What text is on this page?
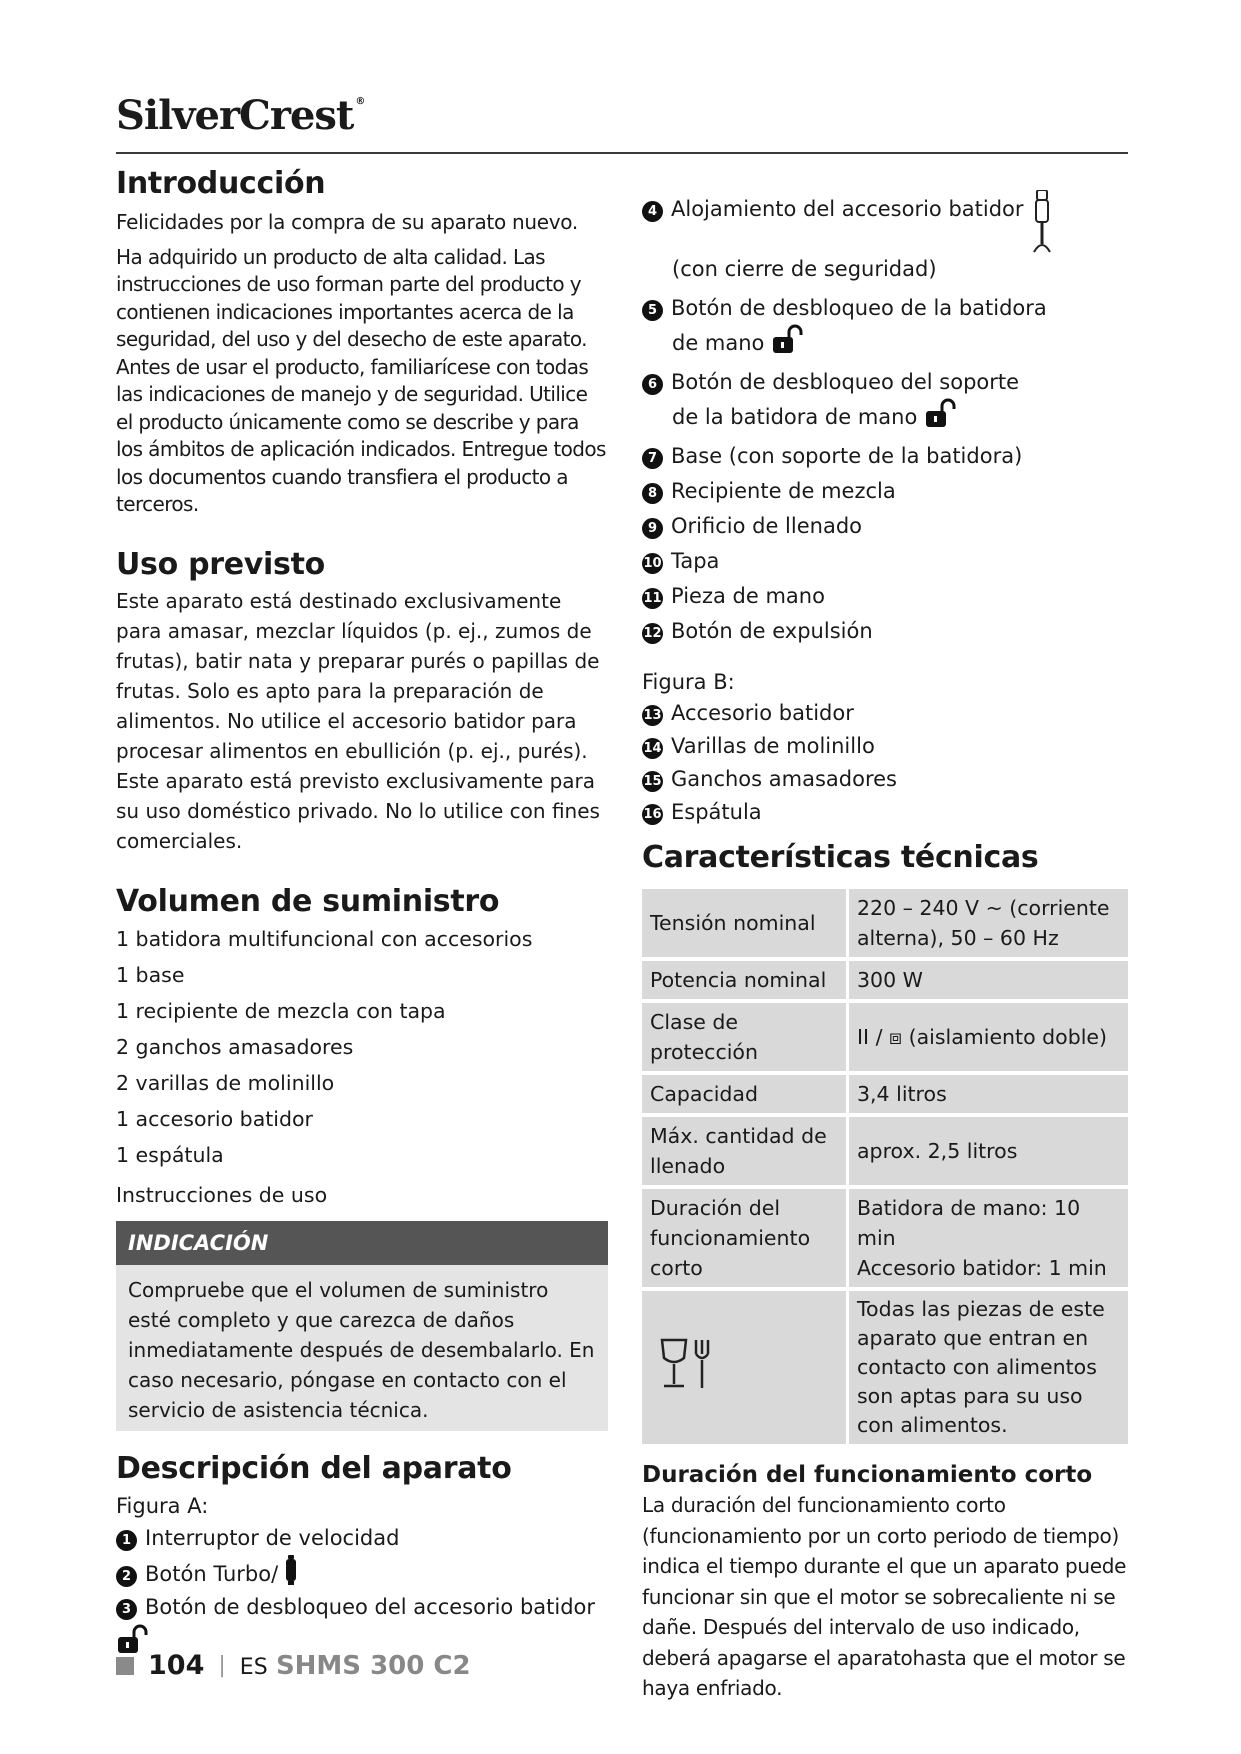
SilverCrest ®
Introducción

Felicidades por la compra de su aparato nuevo.

Ha adquirido un producto de alta calidad. Las instrucciones de uso forman parte del producto y contienen indicaciones importantes acerca de la seguridad, del uso y del desecho de este aparato. Antes de usar el producto, familiarícese con todas las indicaciones de manejo y de seguridad. Utilice el producto únicamente como se describe y para los ámbitos de aplicación indicados. Entregue todos los documentos cuando transfiera el producto a terceros.

Uso previsto

Este aparato está destinado exclusivamente para amasar, mezclar líquidos (p. ej., zumos de frutas), batir nata y preparar purés o papillas de frutas. Solo es apto para la preparación de alimentos. No utilice el accesorio batidor para procesar alimentos en ebullición (p. ej., purés). Este aparato está previsto exclusivamente para su uso doméstico privado. No lo utilice con fines comerciales.

Volumen de suministro
1 batidora multifuncional con accesorios
1 base
1 recipiente de mezcla con tapa
2 ganchos amasadores
2 varillas de molinillo
1 accesorio batidor
1 espátula
Instrucciones de uso
INDICACIÓN
Compruebe que el volumen de suministro esté completo y que carezca de daños inmediatamente después de desembalarlo. En caso necesario, póngase en contacto con el servicio de asistencia técnica.
Descripción del aparato
Figura A:
1 Interruptor de velocidad
2 Botón Turbo/
3 Botón de desbloqueo del accesorio batidor
4 Alojamiento del accesorio batidor
(con cierre de seguridad)
5 Botón de desbloqueo de la batidora
de mano
6 Botón de desbloqueo del soporte
de la batidora de mano
7 Base (con soporte de la batidora)
8 Recipiente de mezcla
9 Orificio de llenado
10 Tapa
11 Pieza de mano
12 Botón de expulsión
Figura B:
13 Accesorio batidor
14 Varillas de molinillo
15 Ganchos amasadores
16 Espátula
Características técnicas
Tensión nominal	220 – 240 V ~ (corriente alterna), 50 – 60 Hz
Potencia nominal	300 W
Clase de protección	II / ⧈ (aislamiento doble)
Capacidad	3,4 litros
Máx. cantidad de llenado	aprox. 2,5 litros
Duración del funcionamiento corto	Batidora de mano: 10 min
Accesorio batidor: 1 min
	Todas las piezas de este aparato que entran en contacto con alimentos son aptas para su uso con alimentos.
Duración del funcionamiento corto

La duración del funcionamiento corto (funcionamiento por un corto periodo de tiempo) indica el tiempo durante el que un aparato puede funcionar sin que el motor se sobrecaliente ni se dañe. Después del intervalo de uso indicado, deberá apagarse el aparatohasta que el motor se haya enfriado.

104 | ES SHMS 300 C2
